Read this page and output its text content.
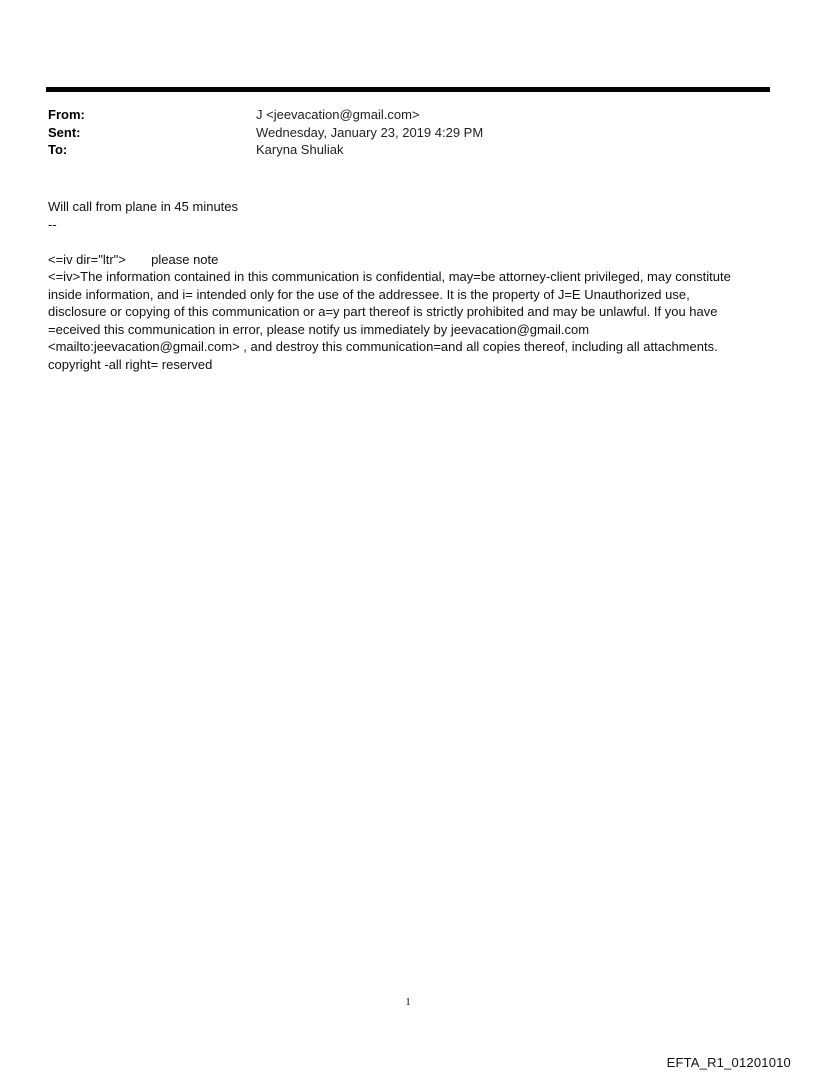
From:	J <jeevacation@gmail.com>
Sent:	Wednesday, January 23, 2019 4:29 PM
To:	Karyna Shuliak

Will call from plane in 45 minutes

--

<=iv dir="ltr">       please note

<=iv>The information contained in this communication is confidential, may=be attorney-client privileged, may constitute

inside information, and i= intended only for the use of the addressee. It is the property of J=E Unauthorized use,

disclosure or copying of this communication or a=y part thereof is strictly prohibited and may be unlawful. If you have

=eceived this communication in error, please notify us immediately by jeevacation@gmail.com

<mailto:jeevacation@gmail.com> , and destroy this communication=and all copies thereof, including all attachments.

copyright -all right= reserved

1
EFTA_R1_01201010
